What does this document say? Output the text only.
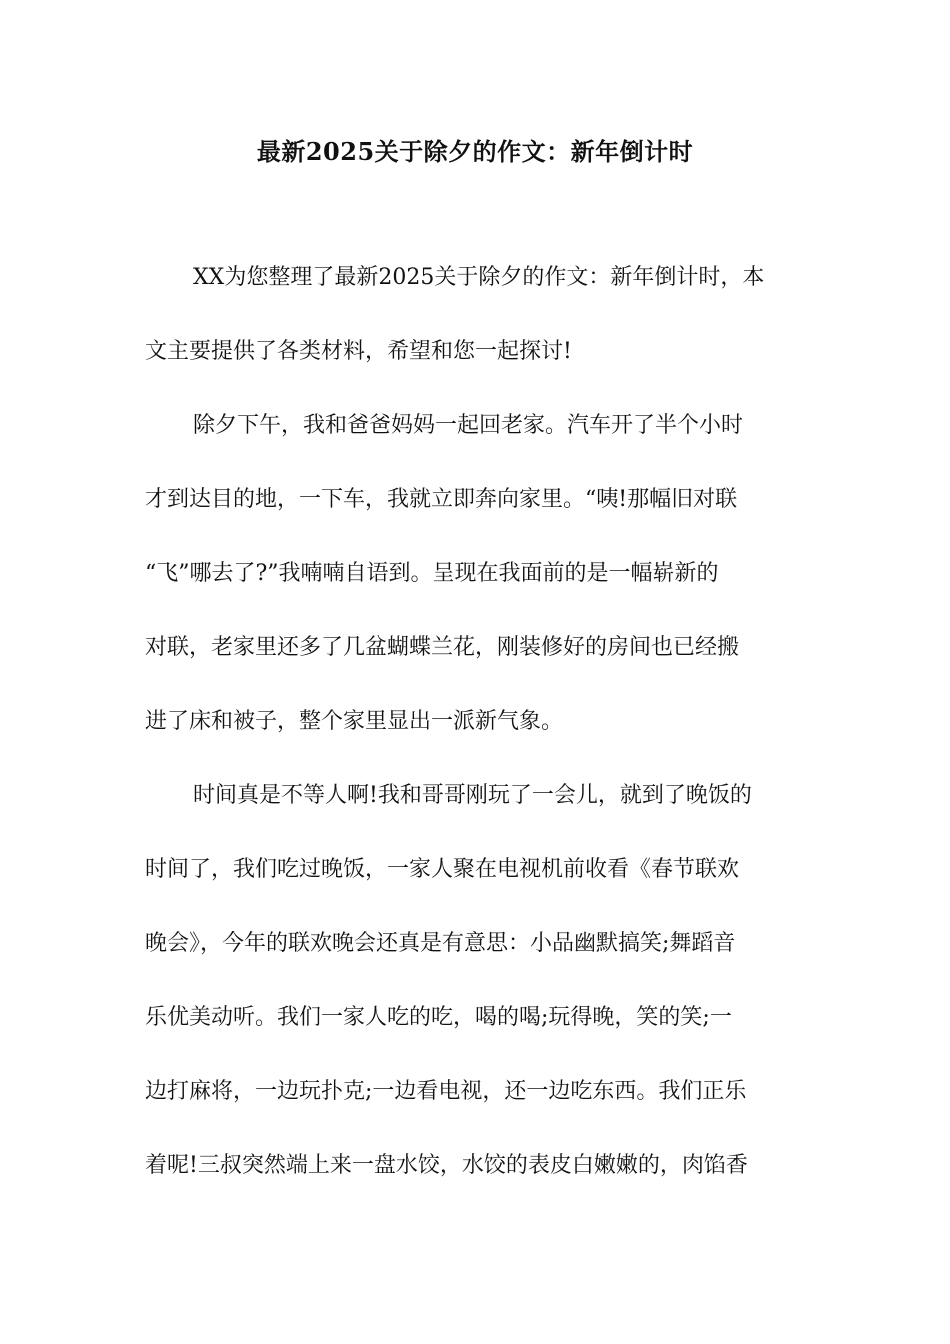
最新2025关于除夕的作文：新年倒计时
XX为您整理了最新2025关于除夕的作文：新年倒计时，本
文主要提供了各类材料，希望和您一起探讨!
除夕下午，我和爸爸妈妈一起回老家。汽车开了半个小时
才到达目的地，一下车，我就立即奔向家里。“咦!那幅旧对联
“飞”哪去了?”我喃喃自语到。呈现在我面前的是一幅崭新的
对联，老家里还多了几盆蝴蝶兰花，刚装修好的房间也已经搬
进了床和被子，整个家里显出一派新气象。
时间真是不等人啊!我和哥哥刚玩了一会儿，就到了晚饭的
时间了，我们吃过晚饭，一家人聚在电视机前收看《春节联欢
晚会》，今年的联欢晚会还真是有意思：小品幽默搞笑;舞蹈音
乐优美动听。我们一家人吃的吃，喝的喝;玩得晚，笑的笑;一
边打麻将，一边玩扑克;一边看电视，还一边吃东西。我们正乐
着呢!三叔突然端上来一盘水饺，水饺的表皮白嫩嫩的，肉馅香
